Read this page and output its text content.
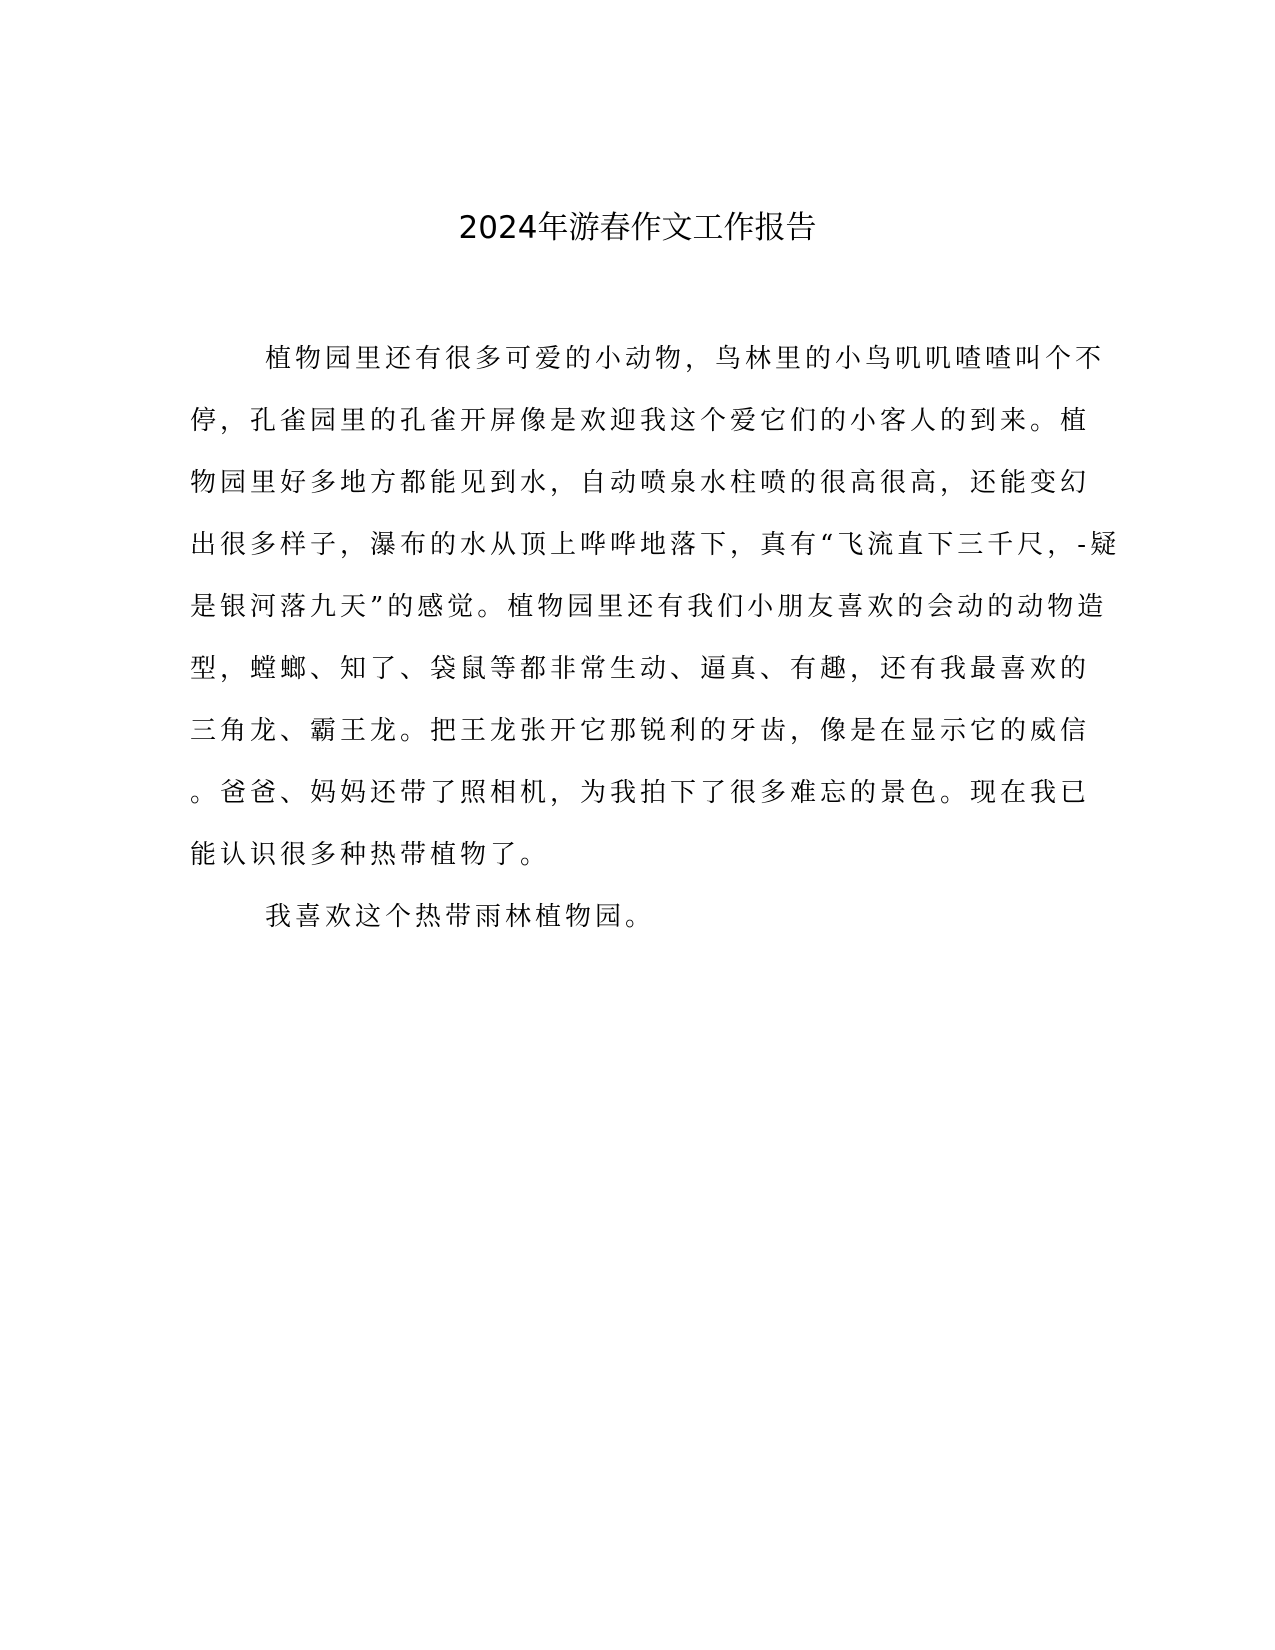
2024年游春作文工作报告

植物园里还有很多可爱的小动物，鸟林里的小鸟叽叽喳喳叫个不

停，孔雀园里的孔雀开屏像是欢迎我这个爱它们的小客人的到来。植

物园里好多地方都能见到水，自动喷泉水柱喷的很高很高，还能变幻

出很多样子，瀑布的水从顶上哗哗地落下，真有“飞流直下三千尺，-疑

是银河落九天”的感觉。植物园里还有我们小朋友喜欢的会动的动物造

型，螳螂、知了、袋鼠等都非常生动、逼真、有趣，还有我最喜欢的

三角龙、霸王龙。把王龙张开它那锐利的牙齿，像是在显示它的威信

。爸爸、妈妈还带了照相机，为我拍下了很多难忘的景色。现在我已

能认识很多种热带植物了。

我喜欢这个热带雨林植物园。
